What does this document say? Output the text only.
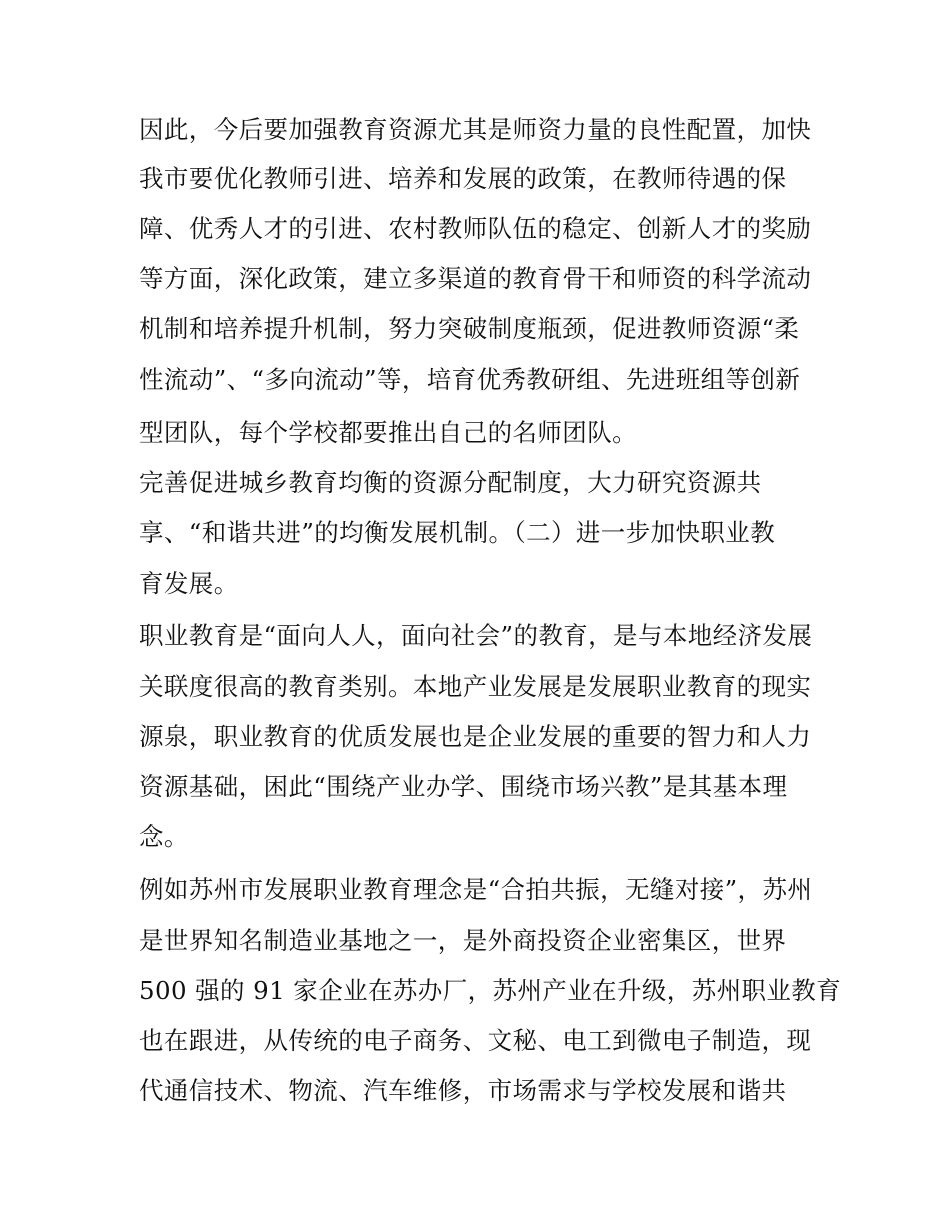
因此，今后要加强教育资源尤其是师资力量的良性配置，加快
我市要优化教师引进、培养和发展的政策，在教师待遇的保
障、优秀人才的引进、农村教师队伍的稳定、创新人才的奖励
等方面，深化政策，建立多渠道的教育骨干和师资的科学流动
机制和培养提升机制，努力突破制度瓶颈，促进教师资源“柔
性流动”、“多向流动”等，培育优秀教研组、先进班组等创新
型团队，每个学校都要推出自己的名师团队。
完善促进城乡教育均衡的资源分配制度，大力研究资源共
享、“和谐共进”的均衡发展机制。（二）进一步加快职业教
育发展。
职业教育是“面向人人，面向社会”的教育，是与本地经济发展
关联度很高的教育类别。本地产业发展是发展职业教育的现实
源泉，职业教育的优质发展也是企业发展的重要的智力和人力
资源基础，困此“围绕产业办学、围绕市场兴教”是其基本理
念。
例如苏州市发展职业教育理念是“合拍共振，无缝对接”，苏州
是世界知名制造业基地之一，是外商投资企业密集区，世界
500 强的 91 家企业在苏办厂，苏州产业在升级，苏州职业教育
也在跟进，从传统的电子商务、文秘、电工到微电子制造，现
代通信技术、物流、汽车维修，市场需求与学校发展和谐共
